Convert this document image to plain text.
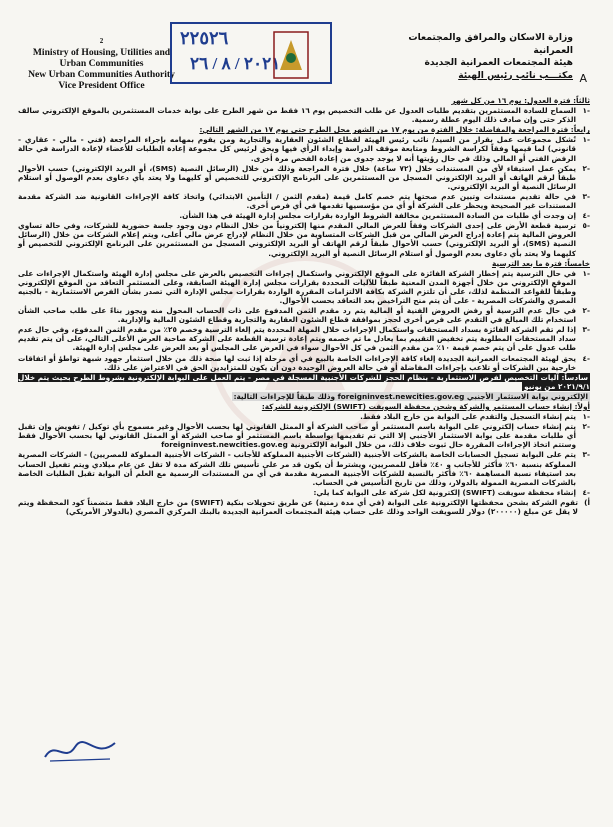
2
Ministry of Housing, Utilities and
Urban Communities
New Urban Communities Authority
Vice President Office
٢٢٥٢٦
٢٠٢١ / ٨ / ٢٦
وزارة الاسكان والمرافق والمجتمعات العمرانية
هيئة المجتمعات العمرانية الجديدة
مكتـــب نائب رئيس الهيئة A

ثالثاً: فترة العدول: يوم ١٦ من كل شهر

-١
السماح للسادة المستثمرين بتقديم طلبات العدول عن طلب التخصيص يوم ١٦ فقط من شهر الطرح على بوابة خدمات المستثمرين بالموقع الإلكتروني سالف الذكر حتى وإن صادف ذلك اليوم عطلة رسمية.

رابعاً: فترة المراجعة والمفاضلة: خلال الفترة من يوم ١٧ من الشهر محل الطرح حتى يوم ١٧ من الشهر التالي:

-١
تُشكل مجموعات عمل بقرار من السيد/ نائب رئيس الهيئة لقطاع الشئون العقارية والتجارية ومن يقوم بمهامه بإجراء المراجعة (فني - مالي - عقاري - قانوني) لما قيمها وفقاً لكراسة الشروط ومتابعة موقف الدراسة وإبداء الرأي فيها ويحق لرئيس كل مجموعة إعادة الطلبات للأعضاء لإعادة الدراسة في حالة الرفض الفني أو المالي وذلك في حال رؤيتها أنه لا يوجد جدوى من إعادة الفحص مرة أخرى.
-٢
يمكن عمل استيفاء لأي من المستندات خلال (٧٢ ساعة) خلال فترة المراجعة وذلك من خلال (الرسائل النصية (SMS)، أو البريد الإلكتروني) حسب الأحوال طبقاً لرقم الهاتف أو البريد الإلكتروني المسجل من المستثمرين على البرنامج الإلكتروني للتخصيص أو كليهما ولا يعتد بأي دعاوى بعدم الوصول أو استلام الرسائل النصية أو البريد الإلكتروني.
-٣
في حالة تقديم مستندات وتبين عدم صحتها يتم خصم كامل قيمة (مقدم الثمن / التأمين الابتدائي) واتخاذ كافة الإجراءات القانونية ضد الشركة مقدمة المستندات غير الصحيحة ويحظر على الشركة أو أي من مؤسسيها تقدمها في أي فرص أخرى.
-٤
إن وجدت أي طلبات من السادة المستثمرين مخالفة الشروط الواردة بقرارات مجلس إدارة الهيئة في هذا الشأن.
-٥
ترسية قطعة الأرض على إحدى الشركات وفقاً للعرض المالي المقدم منها إلكترونياً من خلال النظام دون وجود جلسة حضورية للشركات، وفي حالة تساوي العروض المالية يتم إعادة إدراج العرض المالي من قبل الشركات المتساوية من خلال النظام لإدراج عرض مالي أعلى، ويتم إعلام الشركات من خلال (الرسائل النصية (SMS)، أو البريد الإلكتروني) حسب الأحوال طبقاً لرقم الهاتف أو البريد الإلكتروني المسجل من المستثمرين على البرنامج الإلكتروني للتخصيص أو كليهما ولا يعتد بأي دعاوى بعدم الوصول أو استلام الرسائل النصية أو البريد الإلكتروني.

خامساً: فترة ما بعد الترسية

-١
في حال الترسية يتم إخطار الشركة الفائزة على الموقع الإلكتروني واستكمال إجراءات التخصيص بالعرض على مجلس إدارة الهيئة واستكمال الإجراءات على الموقع الإلكتروني من خلال أجهزة المدن المعنية طبقاً للآليات المحددة بقرارات مجلس إدارة الهيئة السابقة، وعلى المستثمر التعاقد من الموقع الإلكتروني وطبقاً للقواعد المنظمة لذلك، على أن تلتزم الشركة بكافة الالتزامات المقررة الواردة بقرارات مجلس الإدارة التي تصدر بشأن الفرص الاستثمارية - بالجنيه المصري والشركات المصرية - على أن يتم منح التراخيص بعد التعاقد بحسب الأحوال.
-٢
في حال عدم الترسية أو رفض العروض الفنية أو المالية يتم رد مقدم الثمن المدفوع على ذات الحساب المحول منه ويجوز بناءً على طلب صاحب الشأن استخدام تلك المبالغ في التقدم على فرص أخرى لحجز بموافقة قطاع الشئون العقارية والتجارية وقطاع الشئون المالية والإدارية.
-٣
إذا لم تقم الشركة الفائزة بسداد المستحقات واستكمال الإجراءات خلال المهلة المحددة يتم إلغاء الترسية وخصم ٢٥٪ من مقدم الثمن المدفوع، وفي حال عدم سداد المستحقات المطلوبة يتم تخفيض التقييم بما يعادل ما تم خصمه ويتم إعادة ترسية القطعة على الشركة صاحبة العرض الأعلى التالي، على أن يتم تقديم طلب عدول على أن يتم خصم قيمة ١٠٪ من مقدم الثمن في كل الأحوال سواء في العرض على المجلس أو بعد العرض على مجلس إدارة الهيئة.
-٤
يحق لهيئة المجتمعات العمرانية الجديدة إلغاء كافة الإجراءات الخاصة بالبيع في أي مرحلة إذا ثبت لها صحة ذلك من خلال استثمار جهود شبهة تواطؤ أو اتفاقات خارجية بين الشركات أو تلاعب بإجراءات المفاضلة أو في حالة العروض الوحيدة دون أن يكون للمتزايدين الحق في الاعتراض على ذلك.

سادساً: آليات التخصيص لفرص الاستثمارية - بنظام الحجز للشركات الأجنبية المسجلة في مصر - يتم العمل على البوابة الإلكترونية بشروط الطرح بحيث يتم خلال ٢٠٢١/٩/١ من يونيو

الإلكتروني بوابة الاستثمار الأجنبي foreigninvest.newcities.gov.eg وذلك طبقاً للإجراءات التالية:

أولاً: إنشاء حساب المستثمر والشركة وشحن محفظة السويفت (SWIFT) الإلكترونية للشركة:

-١
يتم إنشاء التسجيل والتقدم على البوابة من خارج البلاد فقط.
-٢
يتم إنشاء حساب إلكتروني على البوابة باسم المستثمر أو صاحب الشركة أو الممثل القانوني لها بحسب الأحوال وغير مسموح بأي توكيل / تفويض وإن تقبل أي طلبات مقدمة على بوابة الاستثمار الأجنبي إلا التي تم تقديمها بواسطة باسم المستثمر أو صاحب الشركة أو الممثل القانوني لها بحسب الأحوال فقط وستتم اتخاذ الإجراءات المقررة حال ثبوت خلاف ذلك، من خلال البوابة الإلكترونية foreigninvest.newcities.gov.eg
-٣
يتم على البوابة تسجيل الحسابات الخاصة بالشركات الأجنبية (الشركات الأجنبية المملوكة للأجانب - الشركات الأجنبية المملوكة للمصريين) - الشركات المصرية المملوكة بنسبة ٦٠٪ فأكثر للأجانب و ٤٠٪ فأقل للمصريين، ويشترط أن يكون قد مر على تأسيس تلك الشركة مدة لا تقل عن عام ميلادي ويتم تفعيل الحساب بعد استيفاء نسبة المساهمة ٦٠٪ فأكثر بالنسبة للشركات الأجنبية المصرية مقدمة في أي من المستندات الرسمية مع العلم أن البوابة تقبل الطلبات الخاصة بالشركات المصرية الممولة بالدولار، وذلك من تاريخ التأسيس في الحساب.
-٤
إنشاء محفظة سويفت (SWIFT) إلكترونية لكل شركة على البوابة كما يلي:
أ)
تقوم الشركة بشحن محفظتها الإلكترونية على البوابة (في أي مدة زمنية) عن طريق تحويلات بنكية (SWIFT) من خارج البلاد فقط متضمناً كود المحفظة ويتم لا يقل عن مبلغ (٢٠٠٠٠٠) دولار للسويفت الواحد وذلك على حساب هيئة المجتمعات العمرانية الجديدة بالبنك المركزي المصري (بالدولار الأمريكي)
